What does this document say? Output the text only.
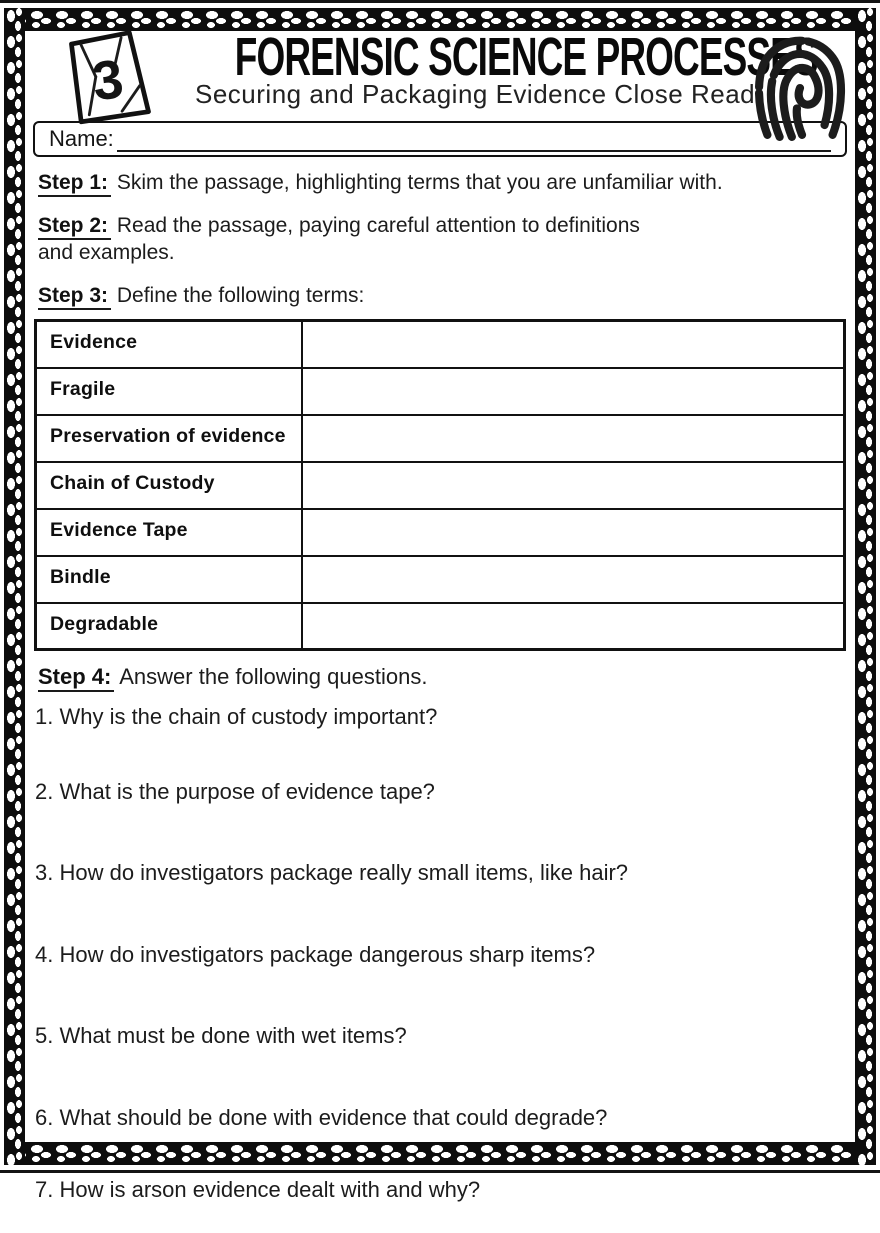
3	FORENSIC SCIENCE PROCESSES
Securing and Packaging Evidence Close Read
Name:

Step 1: Skim the passage, highlighting terms that you are unfamiliar with.

Step 2: Read the passage, paying careful attention to definitions and examples.

Step 3: Define the following terms:

Evidence	
Fragile	
Preservation of evidence	
Chain of Custody	
Evidence Tape	
Bindle	
Degradable	

Step 4: Answer the following questions.

1. Why is the chain of custody important?

2. What is the purpose of evidence tape?

3. How do investigators package really small items, like hair?

4. How do investigators package dangerous sharp items?

5. What must be done with wet items?

6. What should be done with evidence that could degrade?

7. How is arson evidence dealt with and why?
